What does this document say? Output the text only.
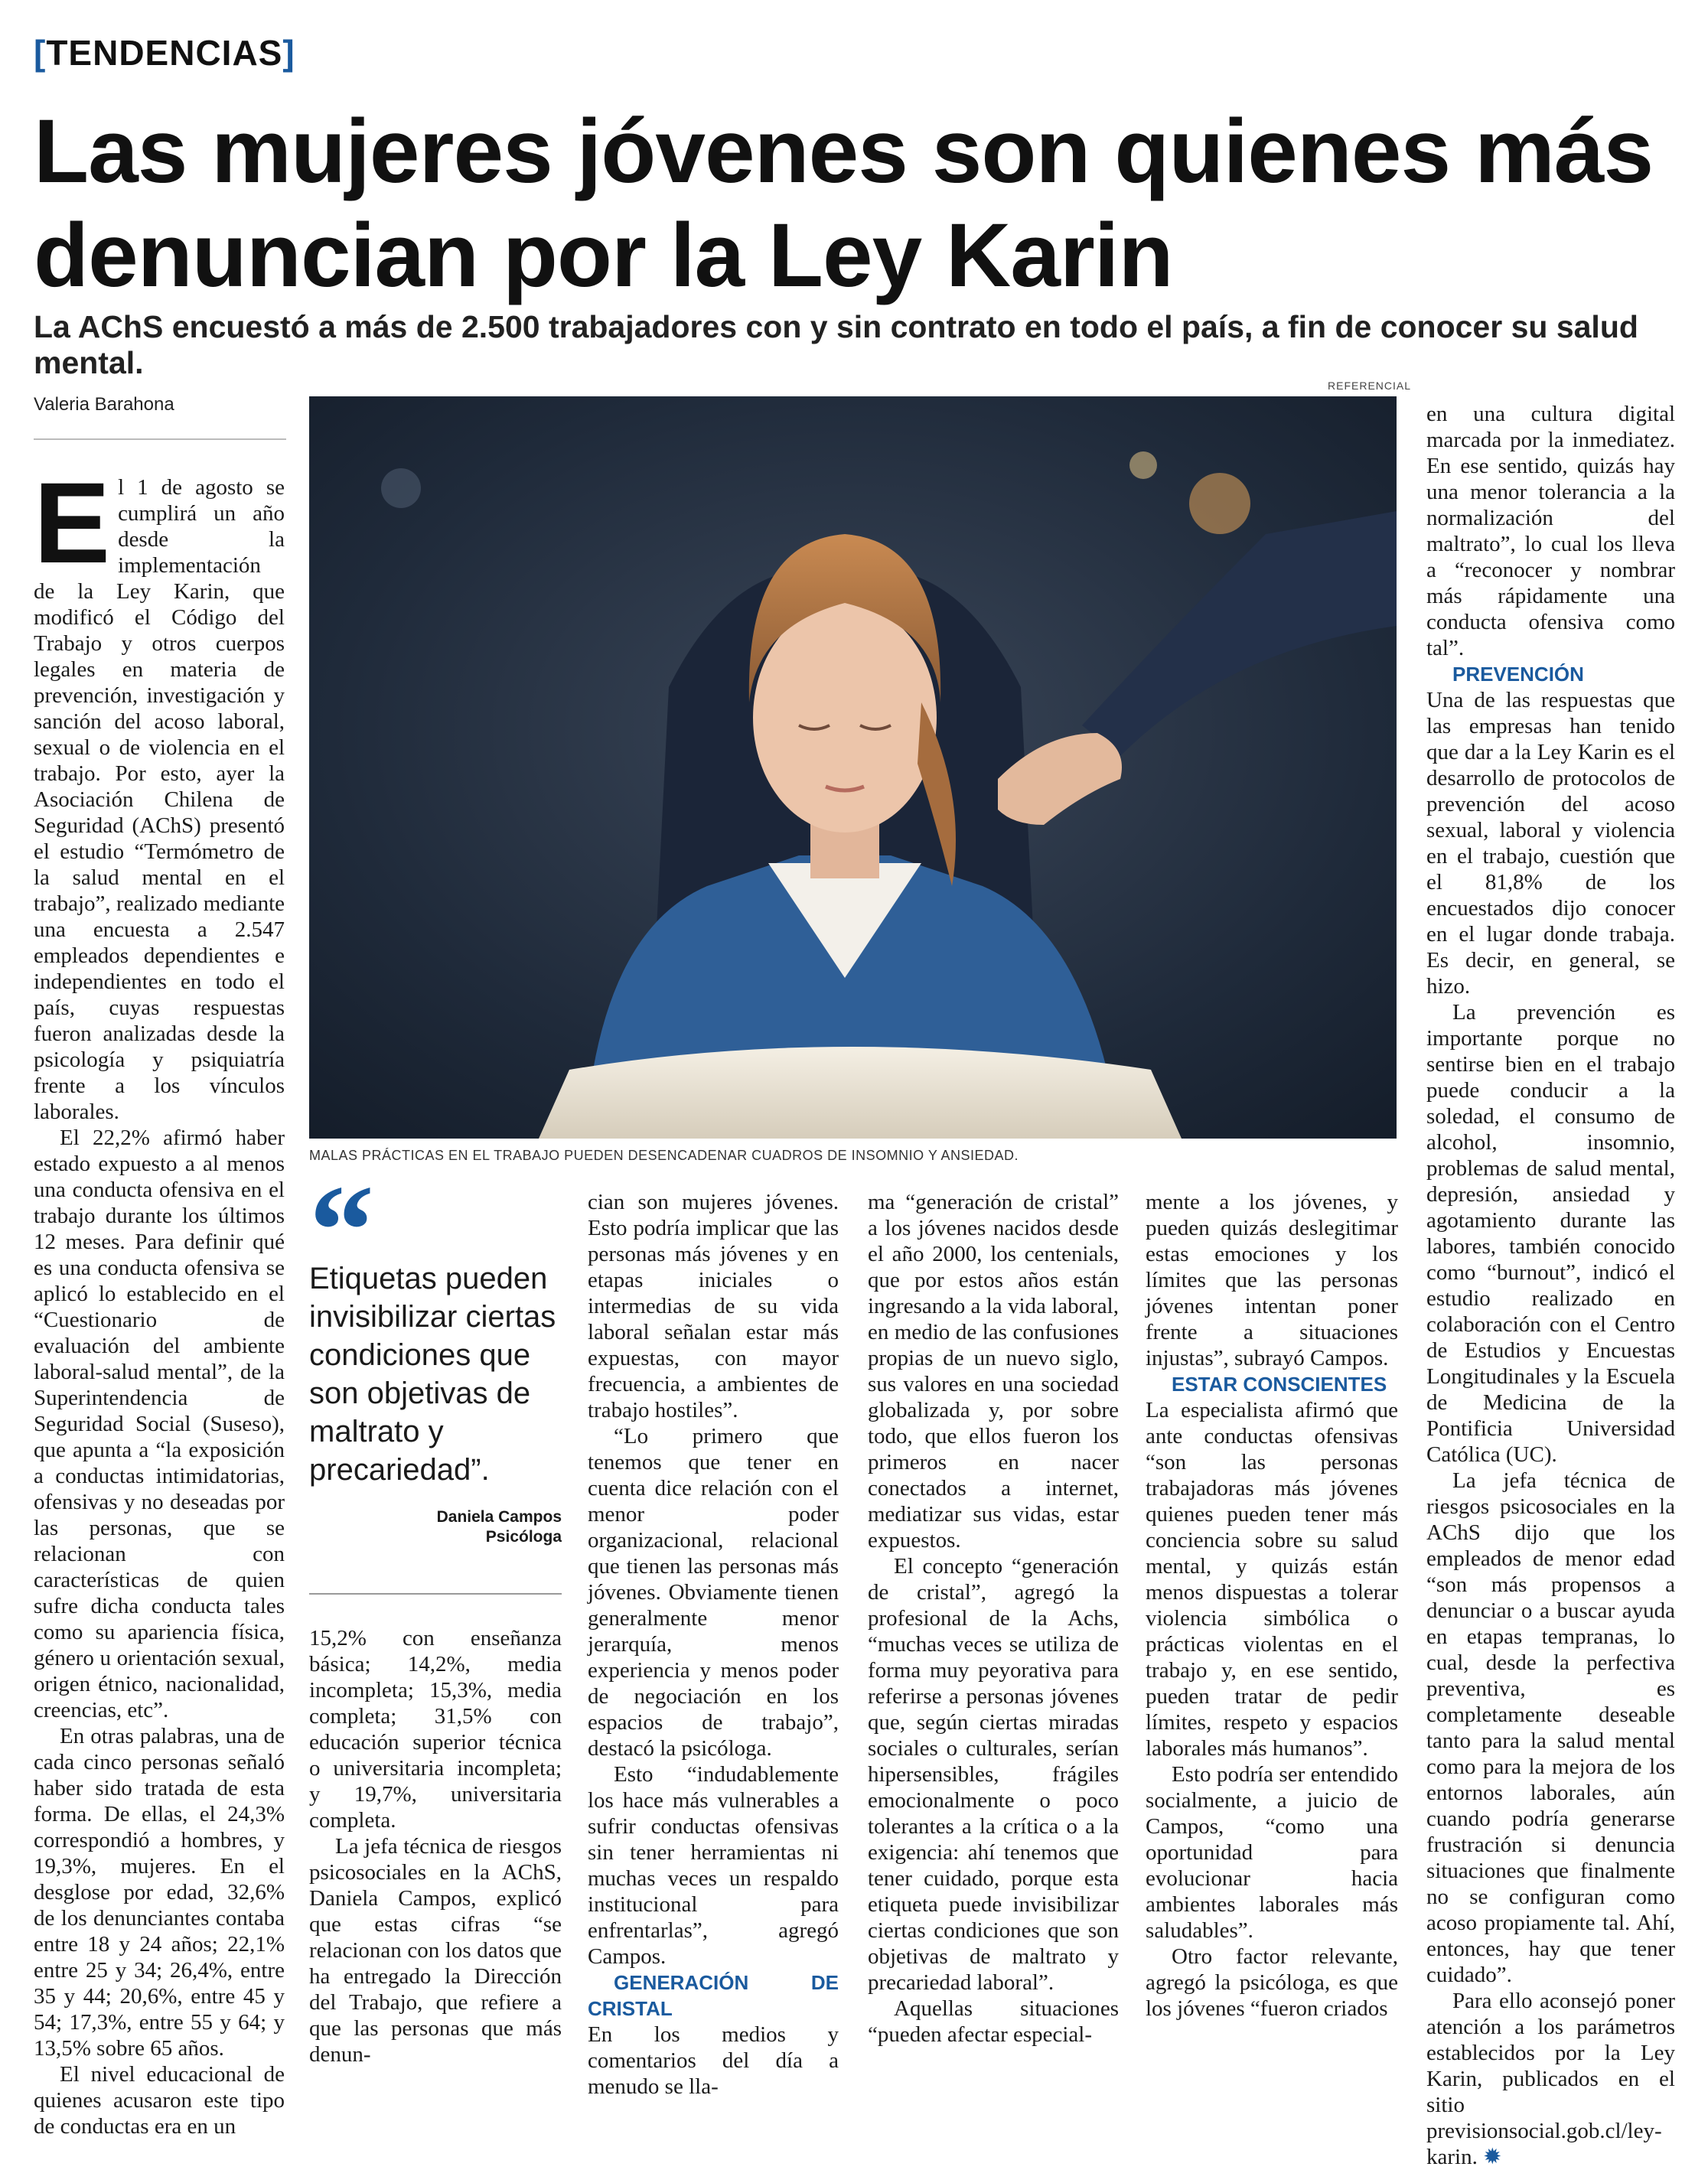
[TENDENCIAS]
Las mujeres jóvenes son quienes más denuncian por la Ley Karin
La AChS encuestó a más de 2.500 trabajadores con y sin contrato en todo el país, a fin de conocer su salud mental.
Valeria Barahona

El 1 de agosto se cumplirá un año desde la implementación de la Ley Karin, que modificó el Código del Trabajo y otros cuerpos legales en materia de prevención, investigación y sanción del acoso laboral, sexual o de violencia en el trabajo. Por esto, ayer la Asociación Chilena de Seguridad (AChS) presentó el estudio “Termómetro de la salud mental en el trabajo”, realizado mediante una encuesta a 2.547 empleados dependientes e independientes en todo el país, cuyas respuestas fueron analizadas desde la psicología y psiquiatría frente a los vínculos laborales.

El 22,2% afirmó haber estado expuesto a al menos una conducta ofensiva en el trabajo durante los últimos 12 meses. Para definir qué es una conducta ofensiva se aplicó lo establecido en el “Cuestionario de evaluación del ambiente laboral-salud mental”, de la Superintendencia de Seguridad Social (Suseso), que apunta a “la exposición a conductas intimidatorias, ofensivas y no deseadas por las personas, que se relacionan con características de quien sufre dicha conducta tales como su apariencia física, género u orientación sexual, origen étnico, nacionalidad, creencias, etc”.

En otras palabras, una de cada cinco personas señaló haber sido tratada de esta forma. De ellas, el 24,3% correspondió a hombres, y 19,3%, mujeres. En el desglose por edad, 32,6% de los denunciantes contaba entre 18 y 24 años; 22,1% entre 25 y 34; 26,4%, entre 35 y 44; 20,6%, entre 45 y 54; 17,3%, entre 55 y 64; y 13,5% sobre 65 años.

El nivel educacional de quienes acusaron este tipo de conductas era en un

REFERENCIAL
MALAS PRÁCTICAS EN EL TRABAJO PUEDEN DESENCADENAR CUADROS DE INSOMNIO Y ANSIEDAD.
“
Etiquetas pueden invisibilizar ciertas condiciones que son objetivas de maltrato y precariedad”.
Daniela Campos
Psicóloga

15,2% con enseñanza básica; 14,2%, media incompleta; 15,3%, media completa; 31,5% con educación superior técnica o universitaria incompleta; y 19,7%, universitaria completa.

La jefa técnica de riesgos psicosociales en la AChS, Daniela Campos, explicó que estas cifras “se relacionan con los datos que ha entregado la Dirección del Trabajo, que refiere a que las personas que más denun-

cian son mujeres jóvenes. Esto podría implicar que las personas más jóvenes y en etapas iniciales o intermedias de su vida laboral señalan estar más expuestas, con mayor frecuencia, a ambientes de trabajo hostiles”.

“Lo primero que tenemos que tener en cuenta dice relación con el menor poder organizacional, relacional que tienen las personas más jóvenes. Obviamente tienen generalmente menor jerarquía, menos experiencia y menos poder de negociación en los espacios de trabajo”, destacó la psicóloga.

Esto “indudablemente los hace más vulnerables a sufrir conductas ofensivas sin tener herramientas ni muchas veces un respaldo institucional para enfrentarlas”, agregó Campos.

GENERACIÓN DE CRISTAL

En los medios y comentarios del día a menudo se lla-

ma “generación de cristal” a los jóvenes nacidos desde el año 2000, los centenials, que por estos años están ingresando a la vida laboral, en medio de las confusiones propias de un nuevo siglo, sus valores en una sociedad globalizada y, por sobre todo, que ellos fueron los primeros en nacer conectados a internet, mediatizar sus vidas, estar expuestos.

El concepto “generación de cristal”, agregó la profesional de la Achs, “muchas veces se utiliza de forma muy peyorativa para referirse a personas jóvenes que, según ciertas miradas sociales o culturales, serían hipersensibles, frágiles emocionalmente o poco tolerantes a la crítica o a la exigencia: ahí tenemos que tener cuidado, porque esta etiqueta puede invisibilizar ciertas condiciones que son objetivas de maltrato y precariedad laboral”.

Aquellas situaciones “pueden afectar especial-

mente a los jóvenes, y pueden quizás deslegitimar estas emociones y los límites que las personas jóvenes intentan poner frente a situaciones injustas”, subrayó Campos.

ESTAR CONSCIENTES

La especialista afirmó que ante conductas ofensivas “son las personas trabajadoras más jóvenes quienes pueden tener más conciencia sobre su salud mental, y quizás están menos dispuestas a tolerar violencia simbólica o prácticas violentas en el trabajo y, en ese sentido, pueden tratar de pedir límites, respeto y espacios laborales más humanos”.

Esto podría ser entendido socialmente, a juicio de Campos, “como una oportunidad para evolucionar hacia ambientes laborales más saludables”.

Otro factor relevante, agregó la psicóloga, es que los jóvenes “fueron criados

en una cultura digital marcada por la inmediatez. En ese sentido, quizás hay una menor tolerancia a la normalización del maltrato”, lo cual los lleva a “reconocer y nombrar más rápidamente una conducta ofensiva como tal”.

PREVENCIÓN

Una de las respuestas que las empresas han tenido que dar a la Ley Karin es el desarrollo de protocolos de prevención del acoso sexual, laboral y violencia en el trabajo, cuestión que el 81,8% de los encuestados dijo conocer en el lugar donde trabaja. Es decir, en general, se hizo.

La prevención es importante porque no sentirse bien en el trabajo puede conducir a la soledad, el consumo de alcohol, insomnio, problemas de salud mental, depresión, ansiedad y agotamiento durante las labores, también conocido como “burnout”, indicó el estudio realizado en colaboración con el Centro de Estudios y Encuestas Longitudinales y la Escuela de Medicina de la Pontificia Universidad Católica (UC).

La jefa técnica de riesgos psicosociales en la AChS dijo que los empleados de menor edad “son más propensos a denunciar o a buscar ayuda en etapas tempranas, lo cual, desde la perfectiva preventiva, es completamente deseable tanto para la salud mental como para la mejora de los entornos laborales, aún cuando podría generarse frustración si denuncia situaciones que finalmente no se configuran como acoso propiamente tal. Ahí, entonces, hay que tener cuidado”.

Para ello aconsejó poner atención a los parámetros establecidos por la Ley Karin, publicados en el sitio previsionsocial.gob.cl/ley-karin. ✹
